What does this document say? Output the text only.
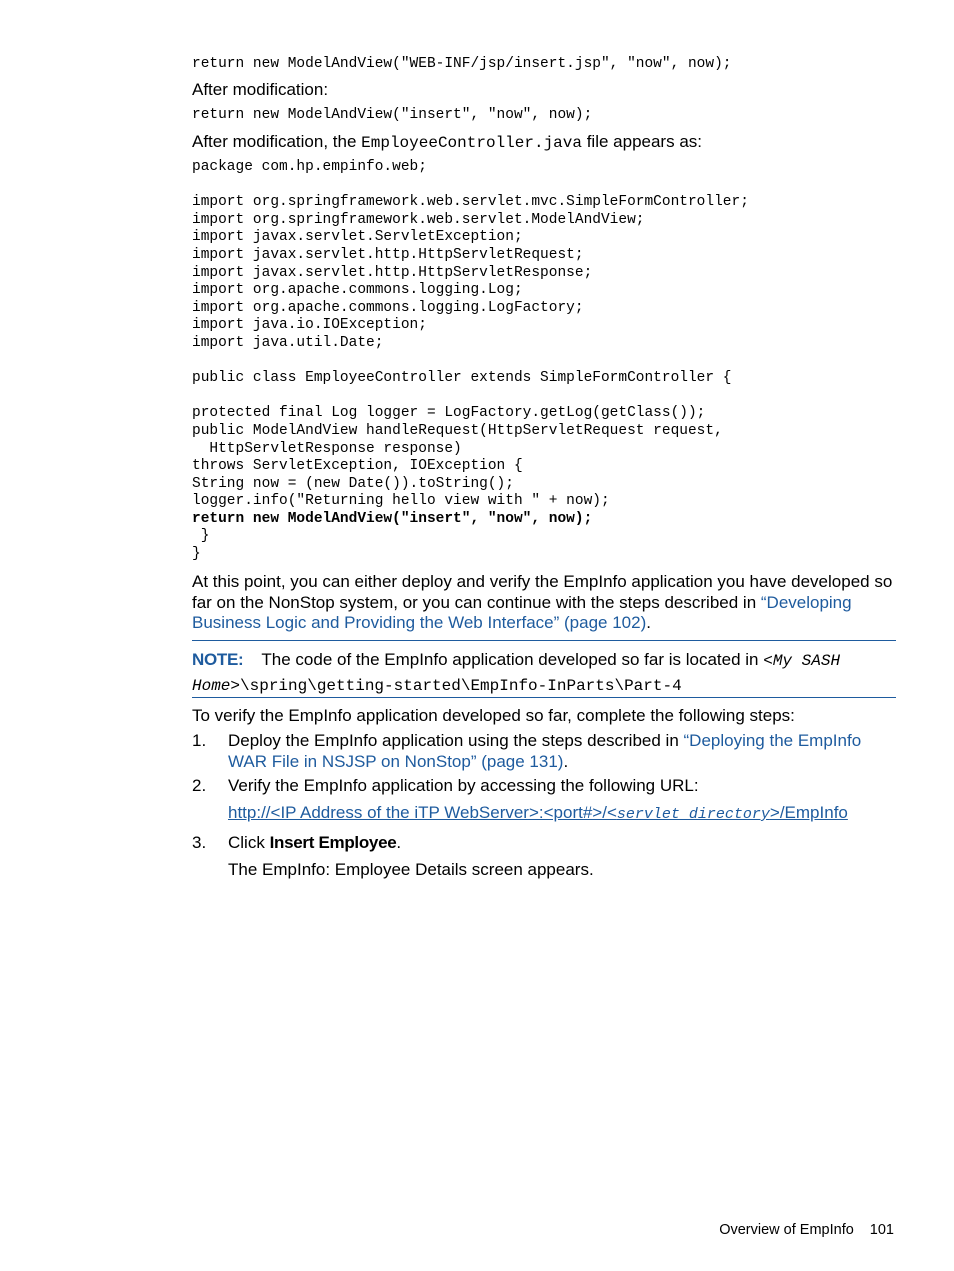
return new ModelAndView("WEB-INF/jsp/insert.jsp", "now", now);
After modification:
return new ModelAndView("insert", "now", now);
After modification, the EmployeeController.java file appears as:
package com.hp.empinfo.web;

import org.springframework.web.servlet.mvc.SimpleFormController;
import org.springframework.web.servlet.ModelAndView;
import javax.servlet.ServletException;
import javax.servlet.http.HttpServletRequest;
import javax.servlet.http.HttpServletResponse;
import org.apache.commons.logging.Log;
import org.apache.commons.logging.LogFactory;
import java.io.IOException;
import java.util.Date;

public class EmployeeController extends SimpleFormController {

protected final Log logger = LogFactory.getLog(getClass());
public ModelAndView handleRequest(HttpServletRequest request,
HttpServletResponse response)
throws ServletException, IOException {
String now = (new Date()).toString();
logger.info("Returning hello view with " + now);
return new ModelAndView("insert", "now", now);
}
}
At this point, you can either deploy and verify the EmpInfo application you have developed so far on the NonStop system, or you can continue with the steps described in “Developing Business Logic and Providing the Web Interface” (page 102).
NOTE: The code of the EmpInfo application developed so far is located in <My SASH Home>\spring\getting-started\EmpInfo-InParts\Part-4
To verify the EmpInfo application developed so far, complete the following steps:
1. Deploy the EmpInfo application using the steps described in “Deploying the EmpInfo WAR File in NSJSP on NonStop” (page 131).
2. Verify the EmpInfo application by accessing the following URL:
http://<IP Address of the iTP WebServer>:<port#>/<servlet directory>/EmpInfo
3. Click Insert Employee.
The EmpInfo: Employee Details screen appears.
Overview of EmpInfo 101
